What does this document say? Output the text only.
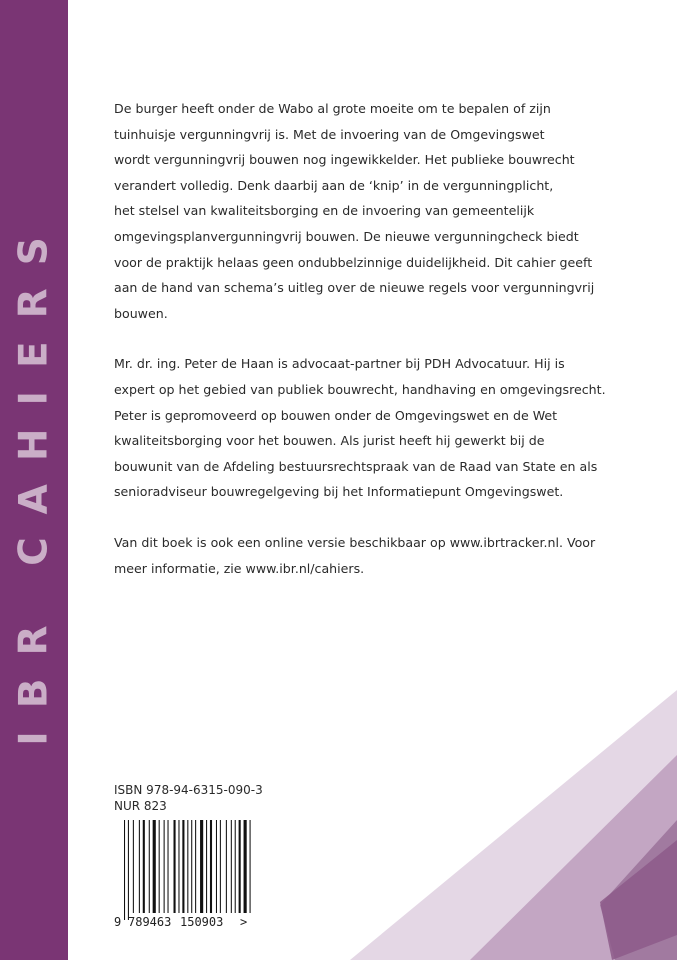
IBR CAHIERS

De burger heeft onder de Wabo al grote moeite om te bepalen of zijn
tuinhuisje vergunningvrij is. Met de invoering van de Omgevingswet
wordt vergunningvrij bouwen nog ingewikkelder. Het publieke bouwrecht
verandert volledig. Denk daarbij aan de ‘knip’ in de vergunningplicht,
het stelsel van kwaliteitsborging en de invoering van gemeentelijk
omgevingsplanvergunningvrij bouwen. De nieuwe vergunningcheck biedt
voor de praktijk helaas geen ondubbelzinnige duidelijkheid. Dit cahier geeft
aan de hand van schema’s uitleg over de nieuwe regels voor vergunningvrij
bouwen.

Mr. dr. ing. Peter de Haan is advocaat-partner bij PDH Advocatuur. Hij is
expert op het gebied van publiek bouwrecht, handhaving en omgevingsrecht.
Peter is gepromoveerd op bouwen onder de Omgevingswet en de Wet
kwaliteitsborging voor het bouwen. Als jurist heeft hij gewerkt bij de
bouwunit van de Afdeling bestuursrechtspraak van de Raad van State en als
senioradviseur bouwregelgeving bij het Informatiepunt Omgevingswet.

Van dit boek is ook een online versie beschikbaar op www.ibrtracker.nl. Voor
meer informatie, zie www.ibr.nl/cahiers.

ISBN 978-94-6315-090-3
NUR 823
9 789463 150903 >
